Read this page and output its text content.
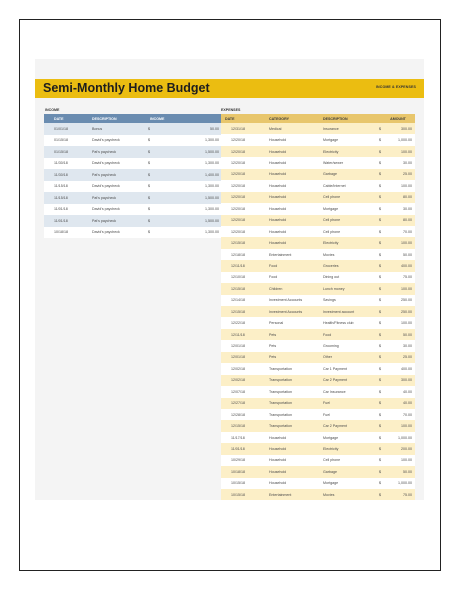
Semi-Monthly Home Budget	INCOME & EXPENSES
INCOME	EXPENSES
DATE	DESCRIPTION	INCOME	
01/01/18	Bonus	$	50.00
01/15/18	David's paycheck	$	1,300.00
01/15/18	Pat's paycheck	$	1,500.00
11/30/18	David's paycheck	$	1,300.00
11/30/18	Pat's paycheck	$	1,400.00
11/15/18	David's paycheck	$	1,300.00
11/15/18	Pat's paycheck	$	1,500.00
11/01/18	David's paycheck	$	1,300.00
11/01/18	Pat's paycheck	$	1,500.00
10/18/18	David's paycheck	$	1,300.00
DATE	CATEGORY	DESCRIPTION	AMOUNT	
12/31/18	Medical	Insurance	$	300.00
12/20/18	Household	Mortgage	$	1,000.00
12/20/18	Household	Electricity	$	100.00
12/20/18	Household	Water/sewer	$	30.00
12/20/18	Household	Garbage	$	25.00
12/20/18	Household	Cable/Internet	$	100.00
12/20/18	Household	Cell phone	$	80.00
12/20/18	Household	Mortgage	$	30.00
12/20/18	Household	Cell phone	$	80.00
12/20/18	Household	Cell phone	$	70.00
12/15/18	Household	Electricity	$	100.00
12/18/18	Entertainment	Movies	$	50.00
12/11/18	Food	Groceries	$	400.00
12/10/18	Food	Dining out	$	75.00
12/15/18	Children	Lunch money	$	100.00
12/14/18	Investment Accounts	Savings	$	250.00
12/15/18	Investment Accounts	Investment account	$	250.00
12/22/18	Personal	Health/Fitness club	$	100.00
12/11/18	Pets	Food	$	50.00
12/01/18	Pets	Grooming	$	30.00
12/01/18	Pets	Other	$	25.00
12/02/18	Transportation	Car 1 Payment	$	400.00
12/02/18	Transportation	Car 2 Payment	$	300.00
12/07/18	Transportation	Car Insurance	$	40.00
12/27/18	Transportation	Fuel	$	40.00
12/28/18	Transportation	Fuel	$	70.00
12/15/18	Transportation	Car 2 Payment	$	100.00
11/17/18	Household	Mortgage	$	1,000.00
11/01/18	Household	Electricity	$	200.00
10/29/18	Household	Cell phone	$	100.00
10/18/18	Household	Garbage	$	50.00
10/15/18	Household	Mortgage	$	1,000.00
10/15/18	Entertainment	Movies	$	75.00
